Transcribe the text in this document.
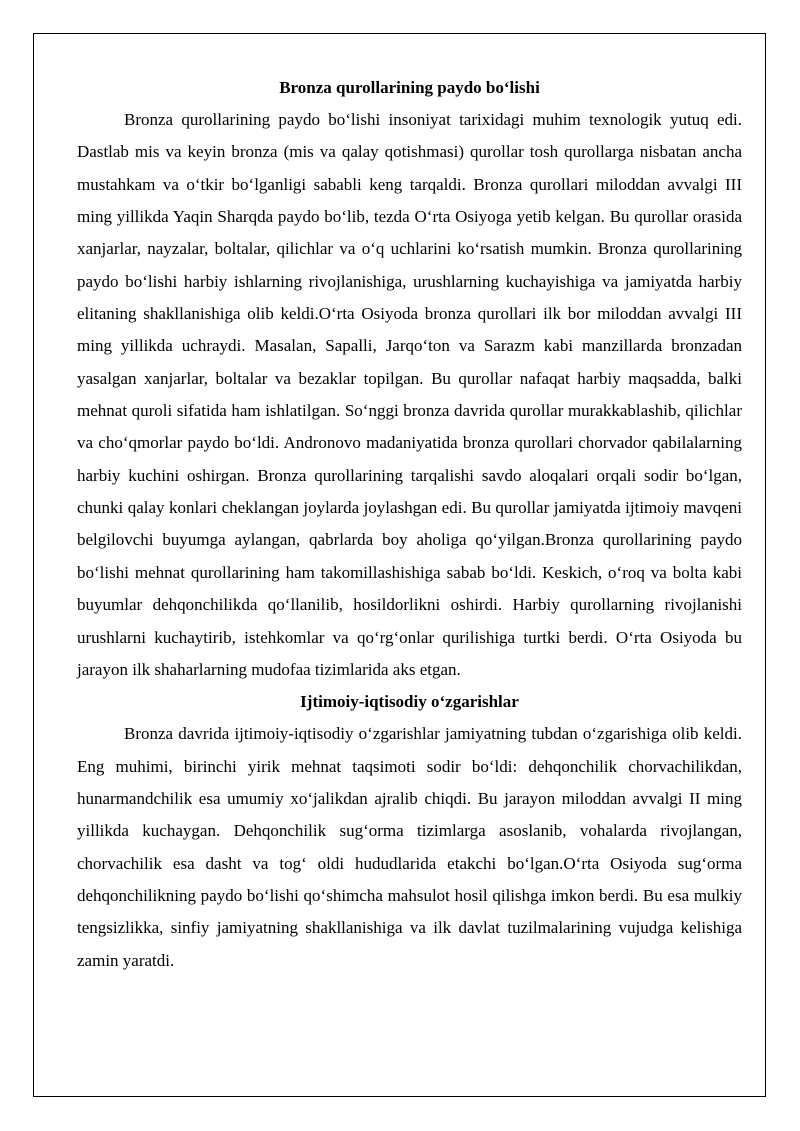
Bronza qurollarining paydo bo‘lishi

Bronza qurollarining paydo bo‘lishi insoniyat tarixidagi muhim texnologik yutuq edi. Dastlab mis va keyin bronza (mis va qalay qotishmasi) qurollar tosh qurollarga nisbatan ancha mustahkam va o‘tkir bo‘lganligi sababli keng tarqaldi. Bronza qurollari miloddan avvalgi III ming yillikda Yaqin Sharqda paydo bo‘lib, tezda O‘rta Osiyoga yetib kelgan. Bu qurollar orasida xanjarlar, nayzalar, boltalar, qilichlar va o‘q uchlarini ko‘rsatish mumkin. Bronza qurollarining paydo bo‘lishi harbiy ishlarning rivojlanishiga, urushlarning kuchayishiga va jamiyatda harbiy elitaning shakllanishiga olib keldi.O‘rta Osiyoda bronza qurollari ilk bor miloddan avvalgi III ming yillikda uchraydi. Masalan, Sapalli, Jarqo‘ton va Sarazm kabi manzillarda bronzadan yasalgan xanjarlar, boltalar va bezaklar topilgan. Bu qurollar nafaqat harbiy maqsadda, balki mehnat quroli sifatida ham ishlatilgan. So‘nggi bronza davrida qurollar murakkablashib, qilichlar va cho‘qmorlar paydo bo‘ldi. Andronovo madaniyatida bronza qurollari chorvador qabilalarning harbiy kuchini oshirgan. Bronza qurollarining tarqalishi savdo aloqalari orqali sodir bo‘lgan, chunki qalay konlari cheklangan joylarda joylashgan edi. Bu qurollar jamiyatda ijtimoiy mavqeni belgilovchi buyumga aylangan, qabrlarda boy aholiga qo‘yilgan.Bronza qurollarining paydo bo‘lishi mehnat qurollarining ham takomillashishiga sabab bo‘ldi. Keskich, o‘roq va bolta kabi buyumlar dehqonchilikda qo‘llanilib, hosildorlikni oshirdi. Harbiy qurollarning rivojlanishi urushlarni kuchaytirib, istehkomlar va qo‘rg‘onlar qurilishiga turtki berdi. O‘rta Osiyoda bu jarayon ilk shaharlarning mudofaa tizimlarida aks etgan.

Ijtimoiy-iqtisodiy o‘zgarishlar

Bronza davrida ijtimoiy-iqtisodiy o‘zgarishlar jamiyatning tubdan o‘zgarishiga olib keldi. Eng muhimi, birinchi yirik mehnat taqsimoti sodir bo‘ldi: dehqonchilik chorvachilikdan, hunarmandchilik esa umumiy xo‘jalikdan ajralib chiqdi. Bu jarayon miloddan avvalgi II ming yillikda kuchaygan. Dehqonchilik sug‘orma tizimlarga asoslanib, vohalarda rivojlangan, chorvachilik esa dasht va tog‘ oldi hududlarida etakchi bo‘lgan.O‘rta Osiyoda sug‘orma dehqonchilikning paydo bo‘lishi qo‘shimcha mahsulot hosil qilishga imkon berdi. Bu esa mulkiy tengsizlikka, sinfiy jamiyatning shakllanishiga va ilk davlat tuzilmalarining vujudga kelishiga zamin yaratdi.
